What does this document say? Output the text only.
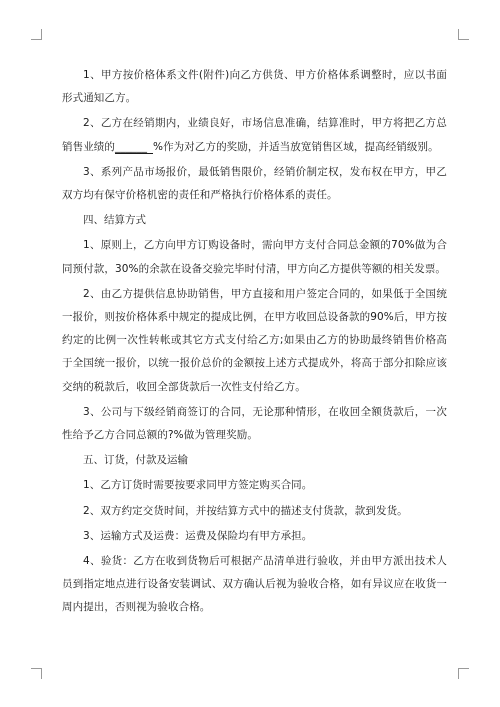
1、甲方按价格体系文件(附件)向乙方供货、甲方价格体系调整时，应以书面形式通知乙方。

2、乙方在经销期内，业绩良好，市场信息准确，结算准时，甲方将把乙方总销售业绩的______ %作为对乙方的奖励，并适当放宽销售区域，提高经销级别。

3、系列产品市场报价，最低销售限价，经销价制定权，发布权在甲方，甲乙双方均有保守价格机密的责任和严格执行价格体系的责任。

四、结算方式

1、原则上，乙方向甲方订购设备时，需向甲方支付合同总金额的70%做为合同预付款，30%的余款在设备交验完毕时付清，甲方向乙方提供等额的相关发票。

2、由乙方提供信息协助销售，甲方直接和用户签定合同的，如果低于全国统一报价，则按价格体系中规定的提成比例，在甲方收回总设备款的90%后，甲方按约定的比例一次性转帐或其它方式支付给乙方;如果由乙方的协助最终销售价格高于全国统一报价，以统一报价总价的金额按上述方式提成外，将高于部分扣除应该交纳的税款后，收回全部货款后一次性支付给乙方。

3、公司与下级经销商签订的合同，无论那种情形，在收回全额货款后，一次性给予乙方合同总额的?%做为管理奖励。

五、订货，付款及运输

1、乙方订货时需要按要求同甲方签定购买合同。

2、双方约定交货时间，并按结算方式中的描述支付货款，款到发货。

3、运输方式及运费：运费及保险均有甲方承担。

4、验货：乙方在收到货物后可根据产品清单进行验收，并由甲方派出技术人员到指定地点进行设备安装调试、双方确认后视为验收合格，如有异议应在收货一周内提出，否则视为验收合格。
